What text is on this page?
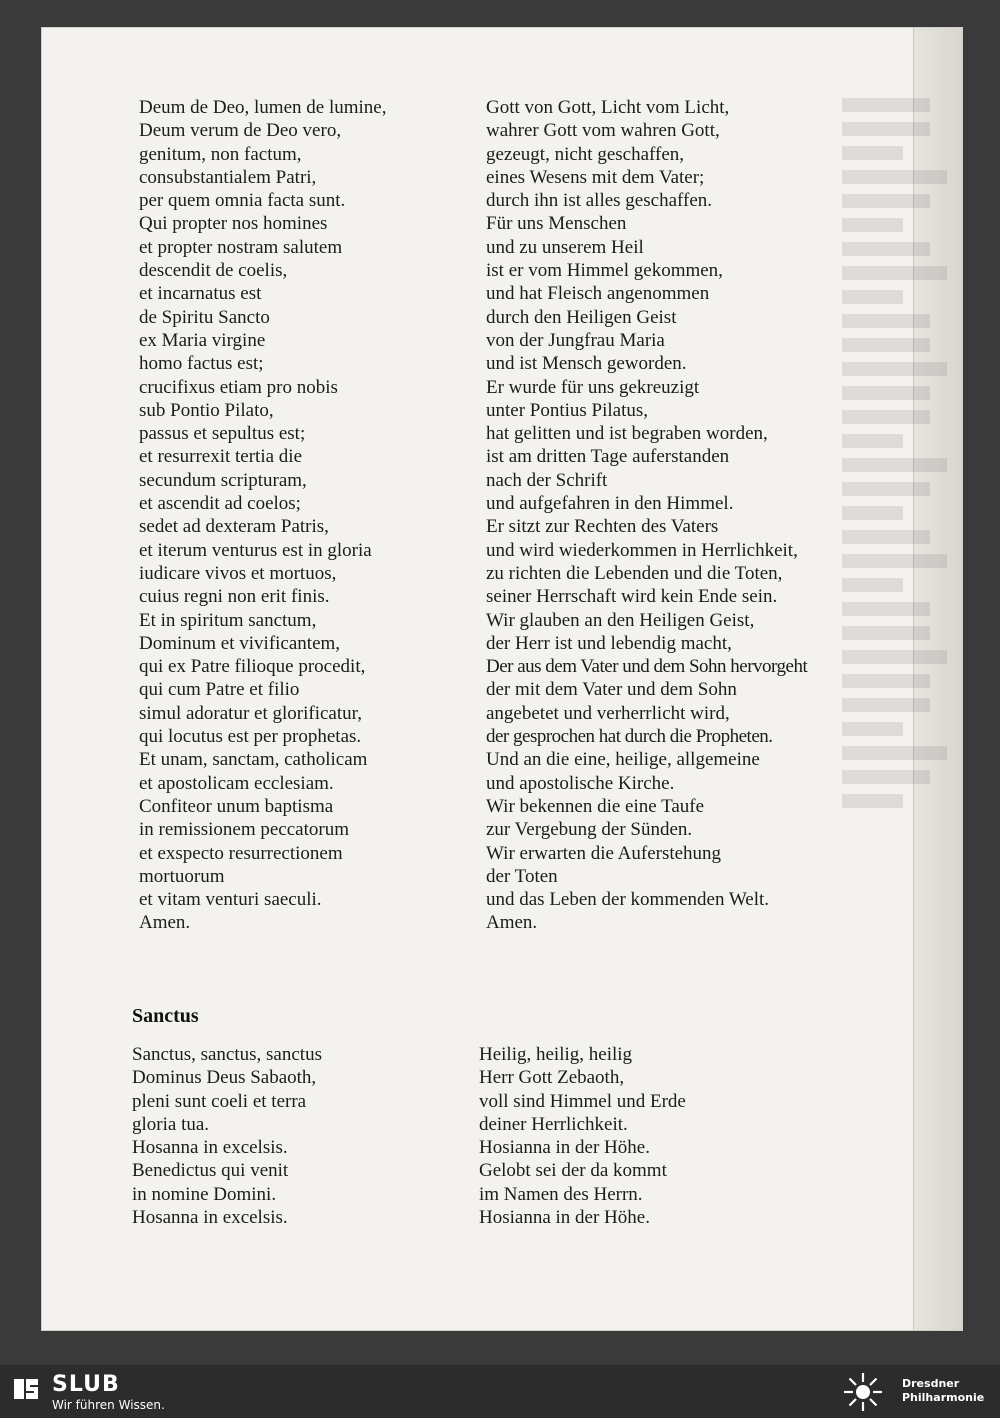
Deum de Deo, lumen de lumine,
Deum verum de Deo vero,
genitum, non factum,
consubstantialem Patri,
per quem omnia facta sunt.
Qui propter nos homines
et propter nostram salutem
descendit de coelis,
et incarnatus est
de Spiritu Sancto
ex Maria virgine
homo factus est;
crucifixus etiam pro nobis
sub Pontio Pilato,
passus et sepultus est;
et resurrexit tertia die
secundum scripturam,
et ascendit ad coelos;
sedet ad dexteram Patris,
et iterum venturus est in gloria
iudicare vivos et mortuos,
cuius regni non erit finis.
Et in spiritum sanctum,
Dominum et vivificantem,
qui ex Patre filioque procedit,
qui cum Patre et filio
simul adoratur et glorificatur,
qui locutus est per prophetas.
Et unam, sanctam, catholicam
et apostolicam ecclesiam.
Confiteor unum baptisma
in remissionem peccatorum
et exspecto resurrectionem
mortuorum
et vitam venturi saeculi.
Amen.
Gott von Gott, Licht vom Licht,
wahrer Gott vom wahren Gott,
gezeugt, nicht geschaffen,
eines Wesens mit dem Vater;
durch ihn ist alles geschaffen.
Für uns Menschen
und zu unserem Heil
ist er vom Himmel gekommen,
und hat Fleisch angenommen
durch den Heiligen Geist
von der Jungfrau Maria
und ist Mensch geworden.
Er wurde für uns gekreuzigt
unter Pontius Pilatus,
hat gelitten und ist begraben worden,
ist am dritten Tage auferstanden
nach der Schrift
und aufgefahren in den Himmel.
Er sitzt zur Rechten des Vaters
und wird wiederkommen in Herrlichkeit,
zu richten die Lebenden und die Toten,
seiner Herrschaft wird kein Ende sein.
Wir glauben an den Heiligen Geist,
der Herr ist und lebendig macht,
Der aus dem Vater und dem Sohn hervorgeht
der mit dem Vater und dem Sohn
angebetet und verherrlicht wird,
der gesprochen hat durch die Propheten.
Und an die eine, heilige, allgemeine
und apostolische Kirche.
Wir bekennen die eine Taufe
zur Vergebung der Sünden.
Wir erwarten die Auferstehung
der Toten
und das Leben der kommenden Welt.
Amen.
Sanctus
Sanctus, sanctus, sanctus
Dominus Deus Sabaoth,
pleni sunt coeli et terra
gloria tua.
Hosanna in excelsis.
Benedictus qui venit
in nomine Domini.
Hosanna in excelsis.
Heilig, heilig, heilig
Herr Gott Zebaoth,
voll sind Himmel und Erde
deiner Herrlichkeit.
Hosianna in der Höhe.
Gelobt sei der da kommt
im Namen des Herrn.
Hosianna in der Höhe.
SLUB
Wir führen Wissen.
Dresdner
Philharmonie
